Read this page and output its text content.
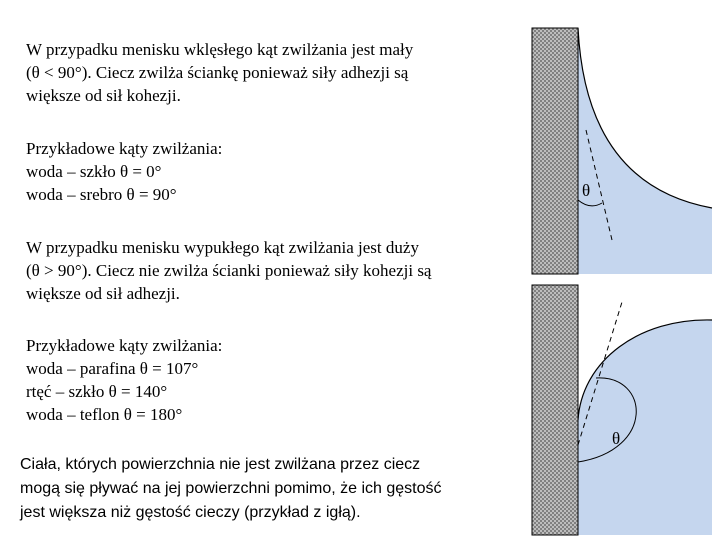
W przypadku menisku wklęsłego kąt zwilżania jest mały
(θ < 90°). Ciecz zwilża ściankę ponieważ siły adhezji są
większe od sił kohezji.

Przykładowe kąty zwilżania:
woda – szkło θ = 0°
woda – srebro θ = 90°

W przypadku menisku wypukłego kąt zwilżania jest duży
(θ > 90°). Ciecz nie zwilża ścianki ponieważ siły kohezji są
większe od sił adhezji.

Przykładowe kąty zwilżania:
woda – parafina θ = 107°
rtęć – szkło θ = 140°
woda – teflon θ = 180°

Ciała, których powierzchnia nie jest zwilżana przez ciecz
mogą się pływać na jej powierzchni pomimo, że ich gęstość
jest większa niż gęstość cieczy (przykład z igłą).

θ
θ
